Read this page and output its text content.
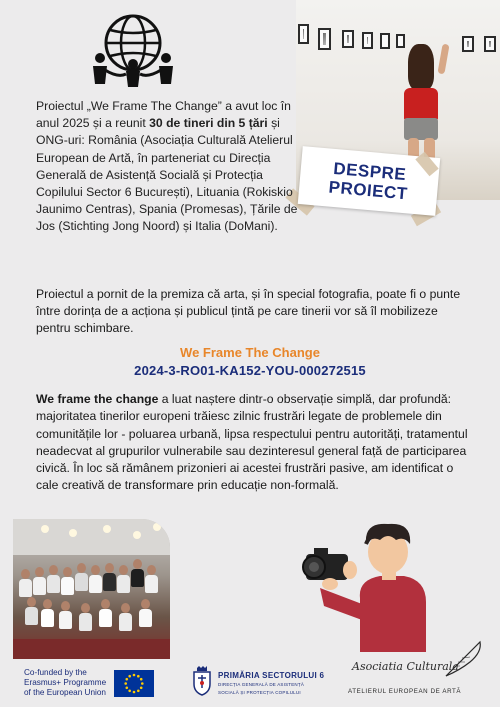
DESPRE
PROIECT

Proiectul „We Frame The Change” a avut loc în anul 2025 și a reunit 30 de tineri din 5 țări și ONG-uri: România (Asociația Culturală Atelierul European de Artă, în parteneriat cu Direcția Generală de Asistență Socială și Protecția Copilului Sector 6 București), Lituania (Rokiskio Jaunimo Centras), Spania (Promesas), Țările de Jos (Stichting Jong Noord) și Italia (DoMani).

Proiectul a pornit de la premiza că arta, și în special fotografia, poate fi o punte între dorința de a acționa și publicul țintă pe care tinerii vor să îl mobilizeze pentru schimbare.

We Frame The Change
2024-3-RO01-KA152-YOU-000272515

We frame the change a luat naștere dintr-o observație simplă, dar profundă: majoritatea tinerilor europeni trăiesc zilnic frustrări legate de problemele din comunitățile lor - poluarea urbană, lipsa respectului pentru autorități, tratamentul neadecvat al grupurilor vulnerabile sau dezinteresul general față de participarea civică. În loc să rămânem prizonieri ai acestei frustrări pasive, am identificat o cale creativă de transformare prin educație non-formală.

Co-funded by the
Erasmus+ Programme
of the European Union
PRIMĂRIA SECTORULUI 6
DIRECȚIA GENERALĂ DE ASISTENȚĂ
SOCIALĂ ȘI PROTECȚIA COPILULUI
Asociatia Culturala
ATELIERUL EUROPEAN DE ARTĂ
